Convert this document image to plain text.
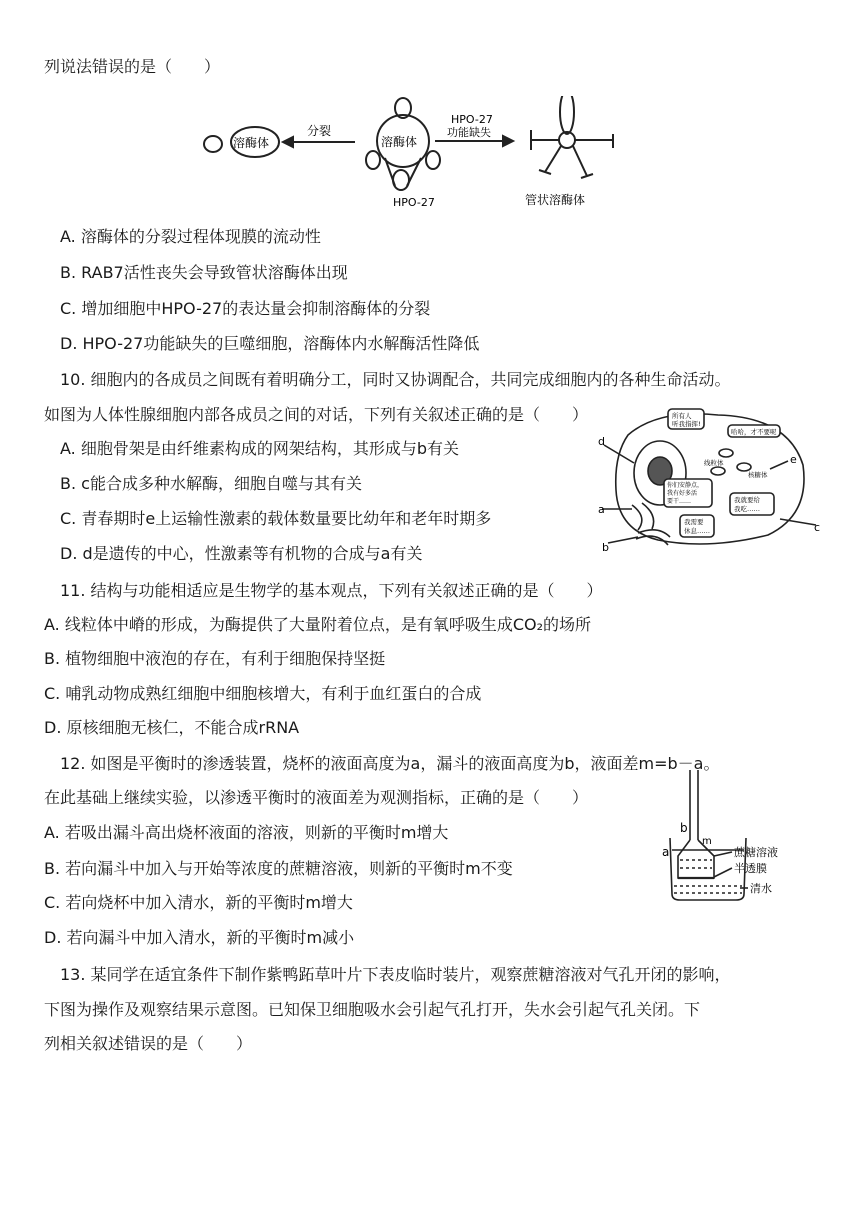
列说法错误的是（　　）
溶酶体
分裂
溶酶体
HPO-27
HPO-27
功能缺失
管状溶酶体
A. 溶酶体的分裂过程体现膜的流动性
B. RAB7活性丧失会导致管状溶酶体出现
C. 增加细胞中HPO-27的表达量会抑制溶酶体的分裂
D. HPO-27功能缺失的巨噬细胞，溶酶体内水解酶活性降低
10. 细胞内的各成员之间既有着明确分工，同时又协调配合，共同完成细胞内的各种生命活动。
如图为人体性腺细胞内部各成员之间的对话，下列有关叙述正确的是（　　）
A. 细胞骨架是由纤维素构成的网架结构，其形成与b有关
B. c能合成多种水解酶，细胞自噬与其有关
C. 青春期时e上运输性激素的载体数量要比幼年和老年时期多
D. d是遗传的中心，性激素等有机物的合成与a有关
所有人
听我指挥!
哈哈，才不要呢
线粒体
你们安静点，
我有好多活
要干……
我需要
休息……
核糖体
我就要给
我吃……
d
a
b
c
e
11. 结构与功能相适应是生物学的基本观点，下列有关叙述正确的是（　　）
A. 线粒体中嵴的形成，为酶提供了大量附着位点，是有氧呼吸生成CO₂的场所
B. 植物细胞中液泡的存在，有利于细胞保持坚挺
C. 哺乳动物成熟红细胞中细胞核增大，有利于血红蛋白的合成
D. 原核细胞无核仁，不能合成rRNA
12. 如图是平衡时的渗透装置，烧杯的液面高度为a，漏斗的液面高度为b，液面差m=b－a。
在此基础上继续实验，以渗透平衡时的液面差为观测指标，正确的是（　　）
A. 若吸出漏斗高出烧杯液面的溶液，则新的平衡时m增大
B. 若向漏斗中加入与开始等浓度的蔗糖溶液，则新的平衡时m不变
C. 若向烧杯中加入清水，新的平衡时m增大
D. 若向漏斗中加入清水，新的平衡时m减小
b
a
m
蔗糖溶液
半透膜
清水
13. 某同学在适宜条件下制作紫鸭跖草叶片下表皮临时装片，观察蔗糖溶液对气孔开闭的影响，
下图为操作及观察结果示意图。已知保卫细胞吸水会引起气孔打开，失水会引起气孔关闭。下
列相关叙述错误的是（　　）
